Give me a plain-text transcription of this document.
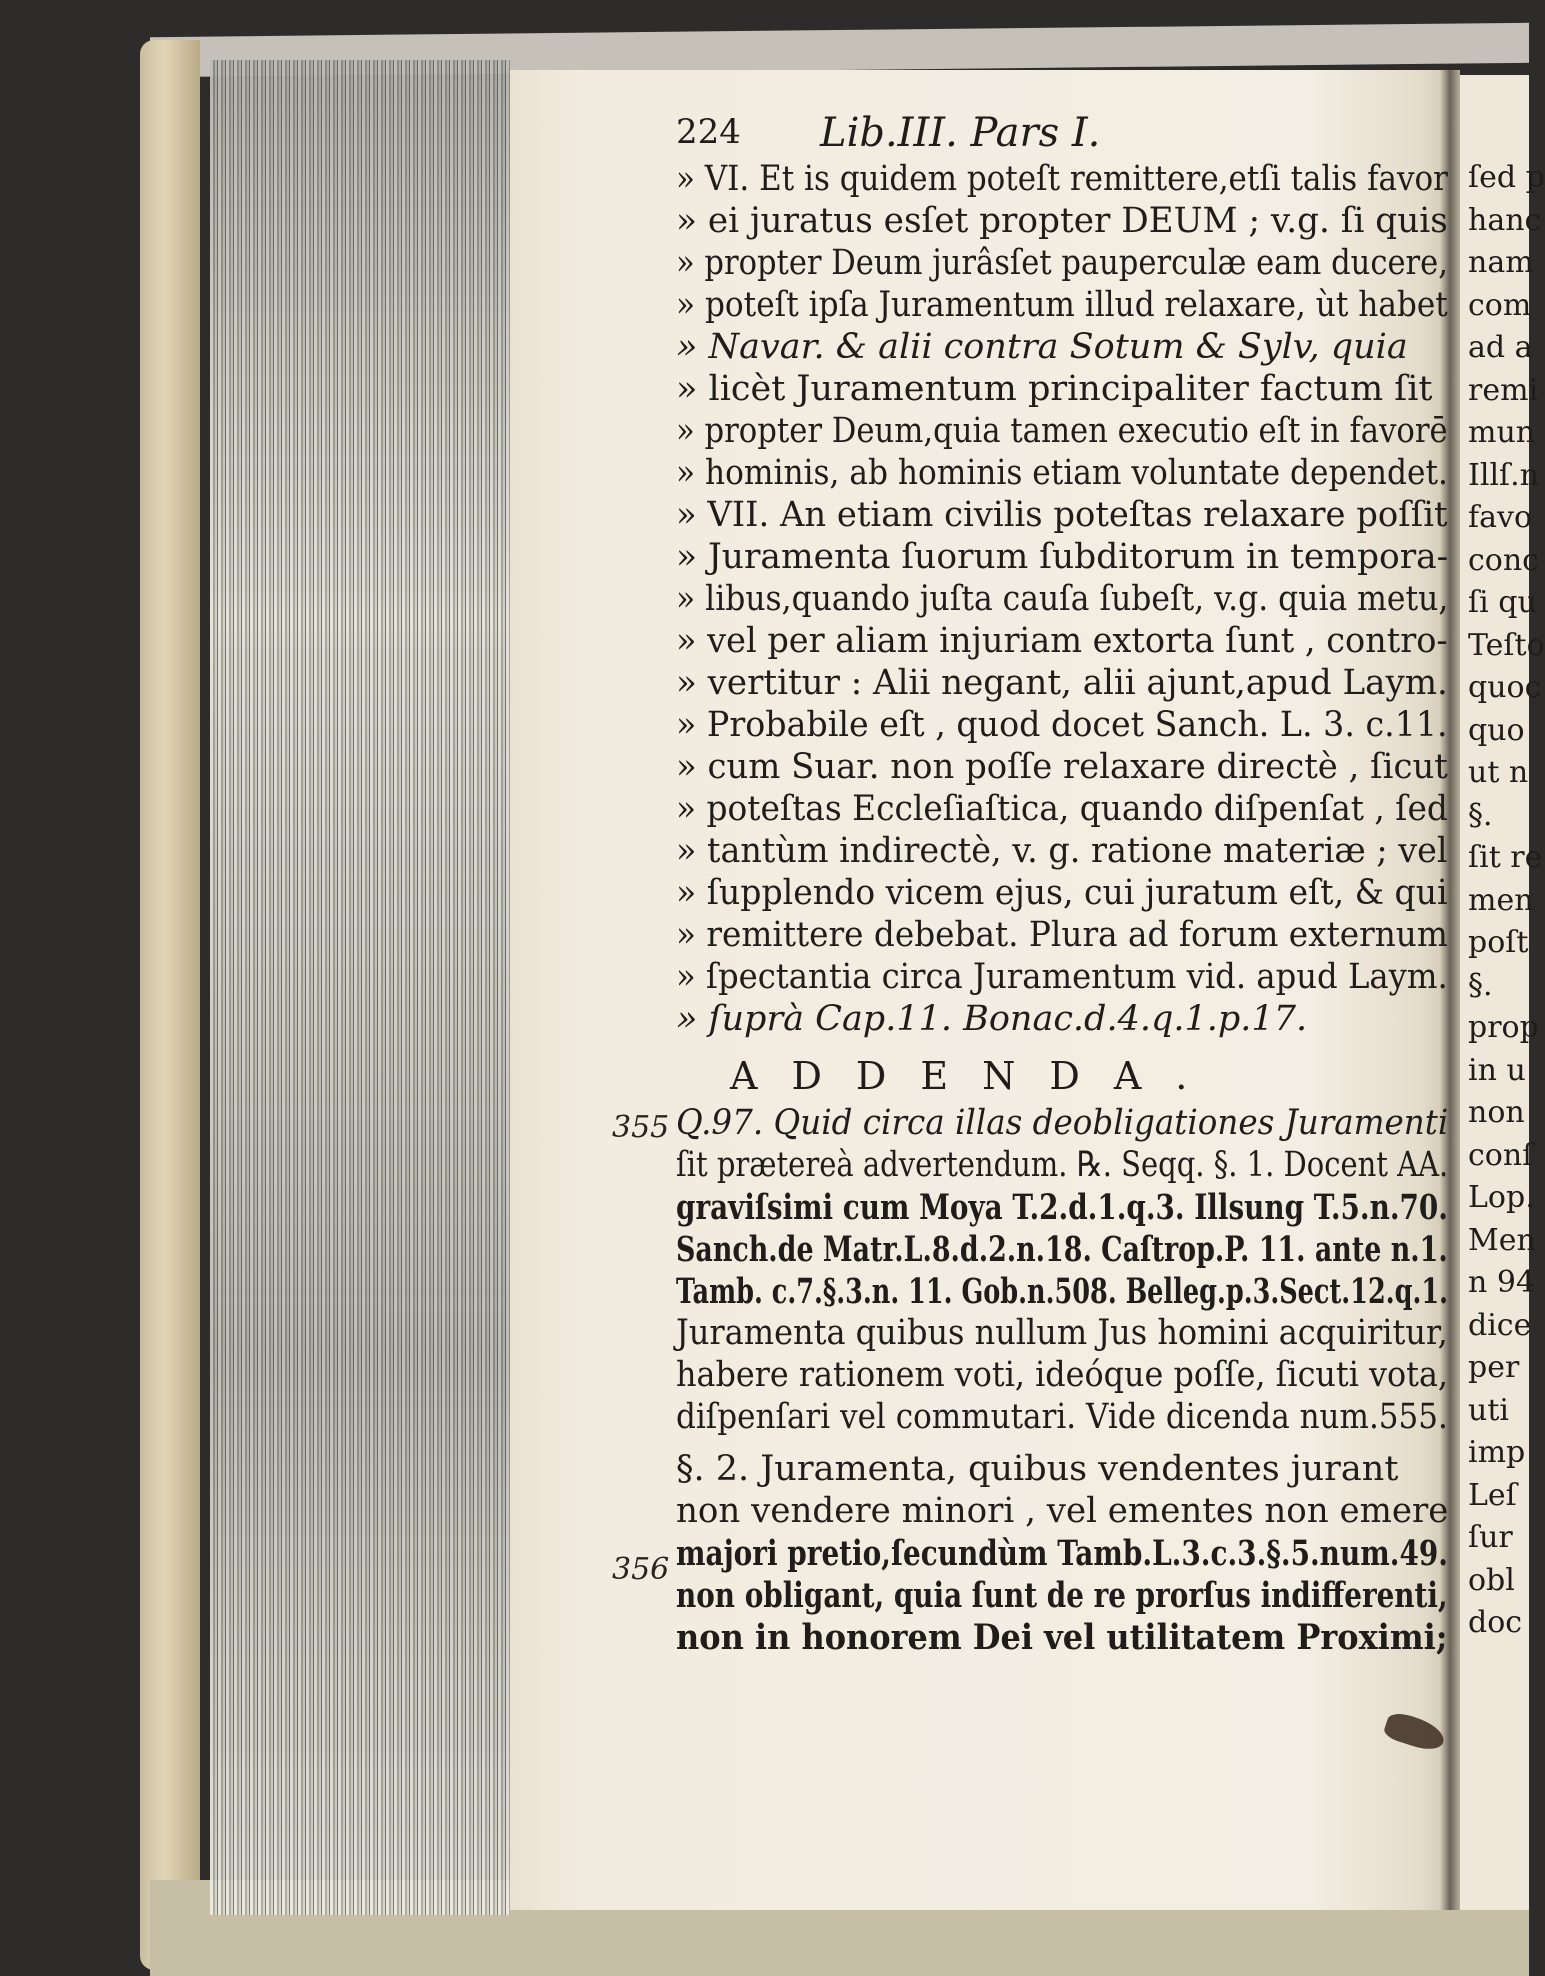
224 Lib.III. Pars I.
» VI. Et is quidem poteſt remittere,etſi talis favor
» ei juratus esſet propter DEUM ; v.g. ſi quis
» propter Deum jurâsſet pauperculæ eam ducere,
» poteſt ipſa Juramentum illud relaxare, ùt habet
» Navar. & alii contra Sotum & Sylv, quia
» licèt Juramentum principaliter factum ſit
» propter Deum,quia tamen executio eſt in favorē
» hominis, ab hominis etiam voluntate dependet.
» VII. An etiam civilis poteſtas relaxare poſſit
» Juramenta ſuorum ſubditorum in tempora-
» libus,quando juſta cauſa ſubeſt, v.g. quia metu,
» vel per aliam injuriam extorta ſunt , contro-
» vertitur : Alii negant, alii ajunt,apud Laym.
» Probabile eſt , quod docet Sanch. L. 3. c.11.
» cum Suar. non poſſe relaxare directè , ſicut
» poteſtas Eccleſiaſtica, quando diſpenſat , ſed
» tantùm indirectè, v. g. ratione materiæ ; vel
» ſupplendo vicem ejus, cui juratum eſt, & qui
» remittere debebat. Plura ad forum externum
» ſpectantia circa Juramentum vid. apud Laym.
» ſuprà Cap.11. Bonac.d.4.q.1.p.17.
ADDENDA.
355
356
Q.97. Quid circa illas deobligationes Juramenti
ſit prætereà advertendum. ℞. Seqq. §. 1. Docent AA.
graviſsimi cum Moya T.2.d.1.q.3. Illsung T.5.n.70.
Sanch.de Matr.L.8.d.2.n.18. Caſtrop.P. 11. ante n.1.
Tamb. c.7.§.3.n. 11. Gob.n.508. Belleg.p.3.Sect.12.q.1.
Juramenta quibus nullum Jus homini acquiritur,
habere rationem voti, ideóque poſſe, ſicuti vota,
diſpenſari vel commutari. Vide dicenda num.555.
§. 2. Juramenta, quibus vendentes jurant
non vendere minori , vel ementes non emere
majori pretio,ſecundùm Tamb.L.3.c.3.§.5.num.49.
non obligant, quia ſunt de re prorſus indifferenti,
non in honorem Dei vel utilitatem Proximi;
ſed p
hanc
nam
com
ad a
remi
mun
Illſ.n
favo
conc
ſi qu
Teſto
quoc
quo
ut n
§.
ſit re
men
poſt
§.
prop
in u
non
conſ
Lop.
Men
n 94
dice
per
uti
imp
Leſ
ſur
obl
doc
